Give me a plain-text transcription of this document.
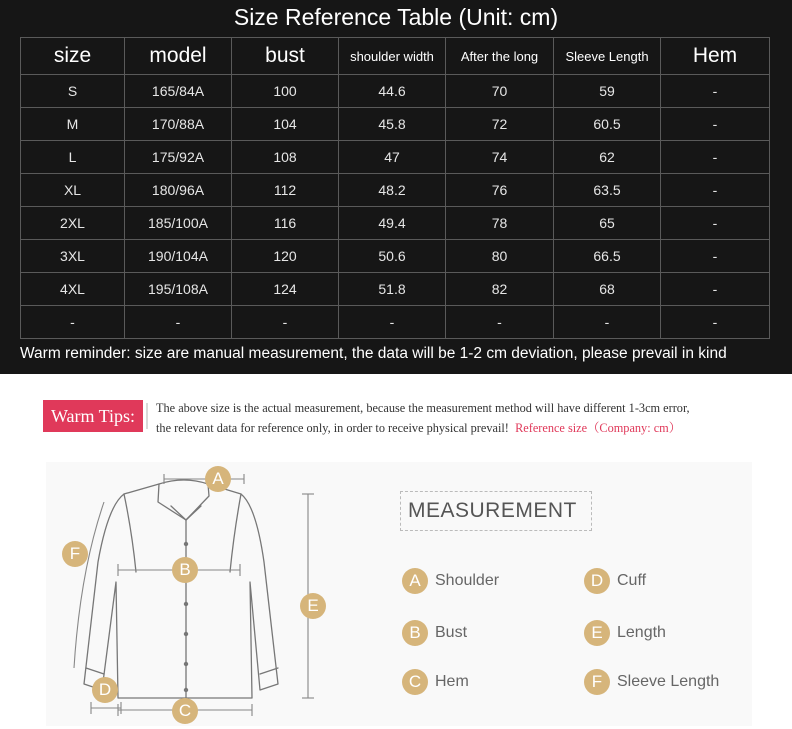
Size Reference Table (Unit: cm)
size	model	bust	shoulder width	After the long	Sleeve Length	Hem
S	165/84A	100	44.6	70	59	-
M	170/88A	104	45.8	72	60.5	-
L	175/92A	108	47	74	62	-
XL	180/96A	112	48.2	76	63.5	-
2XL	185/100A	116	49.4	78	65	-
3XL	190/104A	120	50.6	80	66.5	-
4XL	195/108A	124	51.8	82	68	-
-	-	-	-	-	-	-
Warm reminder: size are manual measurement, the data will be 1-2 cm deviation, please prevail in kind
Warm Tips:	The above size is the actual measurement, because the measurement method will have different 1-3cm error,
the relevant data for reference only, in order to receive physical prevail! Reference size（Company: cm）
A
B
C
D
E
F
MEASUREMENT
A Shoulder
B Bust
C Hem
D Cuff
E Length
F Sleeve Length
